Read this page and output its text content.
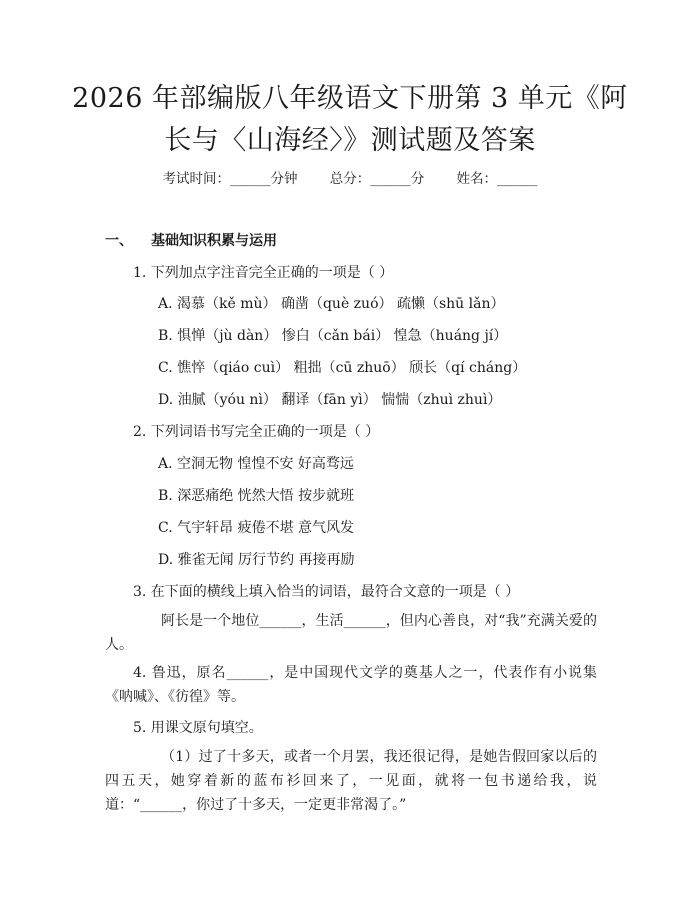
2026 年部编版八年级语文下册第 3 单元《阿
长与〈山海经〉》测试题及答案
考试时间：______分钟 总分：______分 姓名：______
一、 基础知识积累与运用
1. 下列加点字注音完全正确的一项是（ ）
A. 渴慕（kě mù） 确凿（què zuó） 疏懒（shū lǎn）
B. 惧惮（jù dàn） 惨白（cǎn bái） 惶急（huáng jí）
C. 憔悴（qiáo cuì） 粗拙（cū zhuō） 颀长（qí cháng）
D. 油腻（yóu nì） 翻译（fān yì） 惴惴（zhuì zhuì）
2. 下列词语书写完全正确的一项是（ ）
A. 空洞无物 惶惶不安 好高骛远
B. 深恶痛绝 恍然大悟 按步就班
C. 气宇轩昂 疲倦不堪 意气风发
D. 雅雀无闻 厉行节约 再接再励
3. 在下面的横线上填入恰当的词语，最符合文意的一项是（ ）
阿长是一个地位______，生活______，但内心善良，对“我”充满关爱的人。
4. 鲁迅，原名______，是中国现代文学的奠基人之一，代表作有小说集《呐喊》、《彷徨》等。
5. 用课文原句填空。
（1）过了十多天，或者一个月罢，我还很记得，是她告假回家以后的四五天，她穿着新的蓝布衫回来了，一见面，就将一包书递给我，说道：“______，你过了十多天，一定更非常渴了。”
